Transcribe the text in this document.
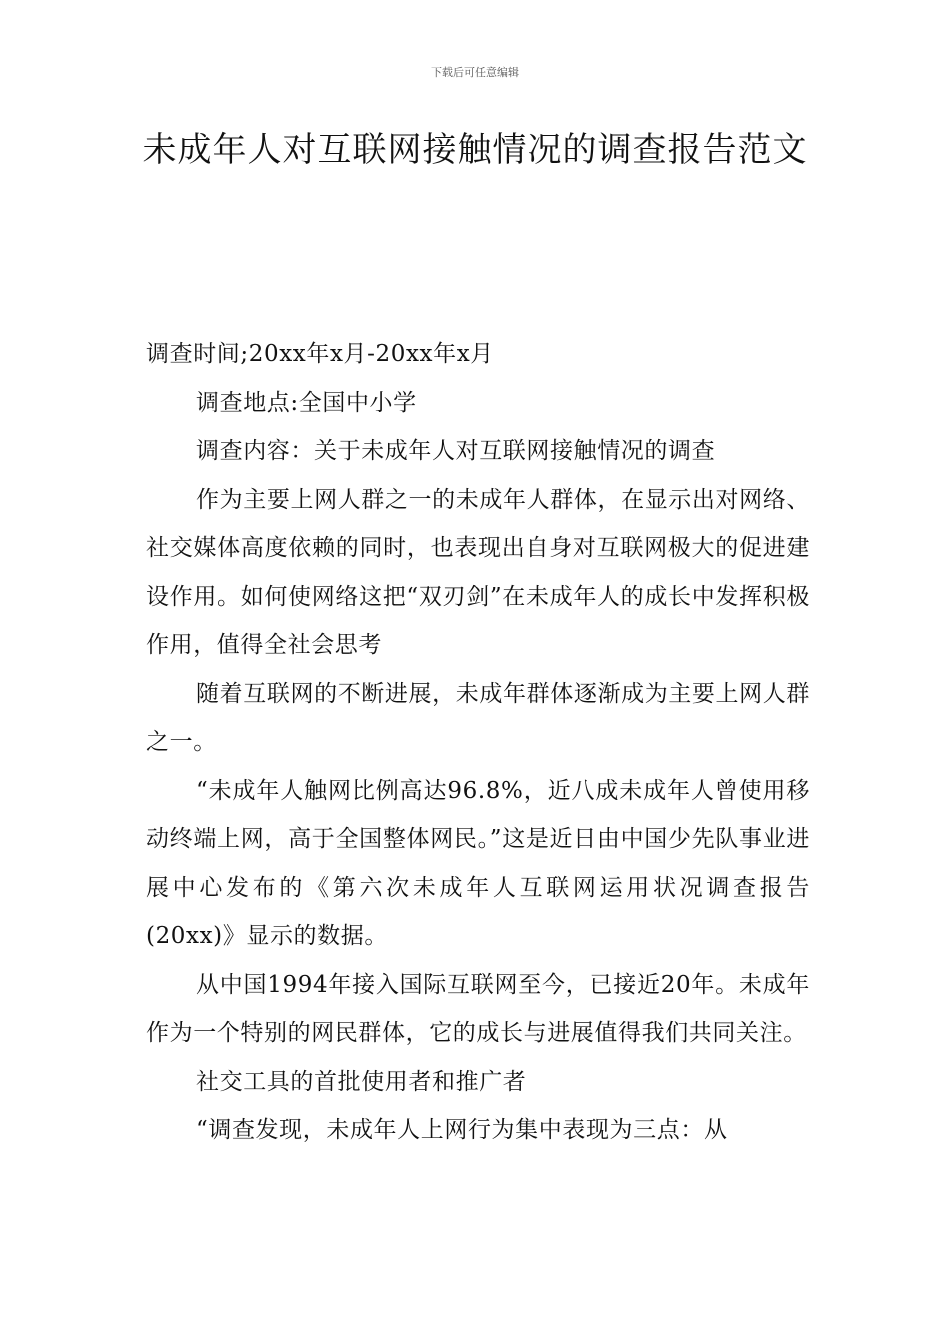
下载后可任意编辑
未成年人对互联网接触情况的调查报告范文

调查时间;20xx年x月-20xx年x月

调查地点:全国中小学

调查内容：关于未成年人对互联网接触情况的调查

作为主要上网人群之一的未成年人群体，在显示出对网络、社交媒体高度依赖的同时，也表现出自身对互联网极大的促进建设作用。如何使网络这把“双刃剑”在未成年人的成长中发挥积极作用，值得全社会思考

随着互联网的不断进展，未成年群体逐渐成为主要上网人群之一。

“未成年人触网比例高达96.8%，近八成未成年人曾使用移动终端上网，高于全国整体网民。”这是近日由中国少先队事业进展中心发布的《第六次未成年人互联网运用状况调查报告(20xx)》显示的数据。

从中国1994年接入国际互联网至今，已接近20年。未成年作为一个特别的网民群体，它的成长与进展值得我们共同关注。

社交工具的首批使用者和推广者

“调查发现，未成年人上网行为集中表现为三点：从
